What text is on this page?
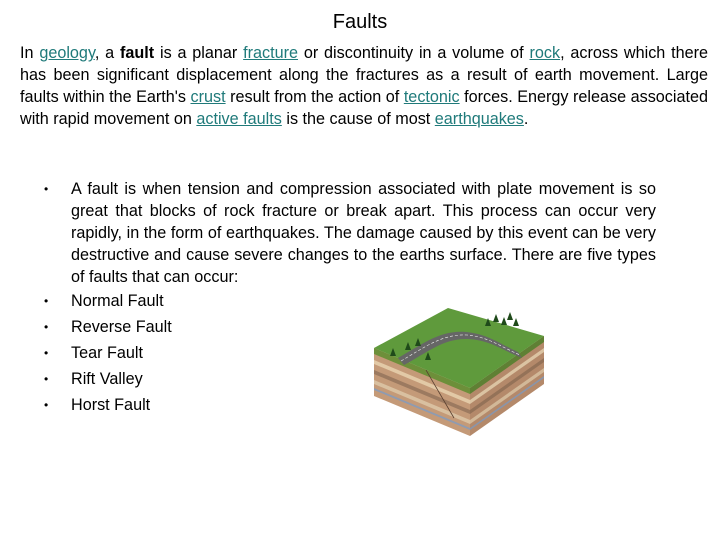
Faults
In geology, a fault is a planar fracture or discontinuity in a volume of rock, across which there has been significant displacement along the fractures as a result of earth movement. Large faults within the Earth's crust result from the action of tectonic forces. Energy release associated with rapid movement on active faults is the cause of most earthquakes.
• A fault is when tension and compression associated with plate movement is so great that blocks of rock fracture or break apart. This process can occur very rapidly, in the form of earthquakes. The damage caused by this event can be very destructive and cause severe changes to the earths surface. There are five types of faults that can occur:
• Normal Fault
• Reverse Fault
• Tear Fault
• Rift Valley
• Horst Fault
